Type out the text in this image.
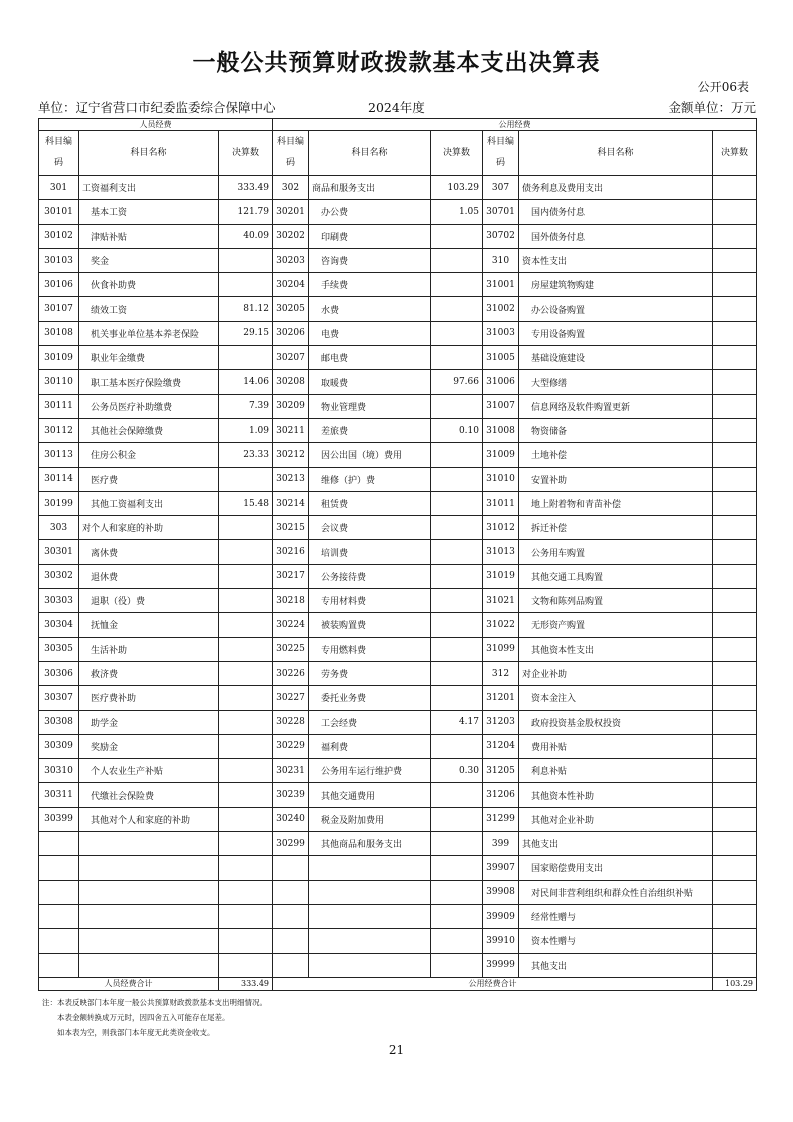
一般公共预算财政拨款基本支出决算表
公开06表
单位：辽宁省营口市纪委监委综合保障中心	2024年度	金额单位：万元
人员经费			公用经费					
科目编码	科目名称	决算数	科目编码	科目名称	决算数	科目编码	科目名称	决算数
301	工资福利支出	333.49	302	商品和服务支出	103.29	307	债务利息及费用支出	
30101	基本工资	121.79	30201	办公费	1.05	30701	国内债务付息	
30102	津贴补贴	40.09	30202	印刷费		30702	国外债务付息	
30103	奖金		30203	咨询费		310	资本性支出	
30106	伙食补助费		30204	手续费		31001	房屋建筑物购建	
30107	绩效工资	81.12	30205	水费		31002	办公设备购置	
30108	机关事业单位基本养老保险	29.15	30206	电费		31003	专用设备购置	
30109	职业年金缴费		30207	邮电费		31005	基础设施建设	
30110	职工基本医疗保险缴费	14.06	30208	取暖费	97.66	31006	大型修缮	
30111	公务员医疗补助缴费	7.39	30209	物业管理费		31007	信息网络及软件购置更新	
30112	其他社会保障缴费	1.09	30211	差旅费	0.10	31008	物资储备	
30113	住房公积金	23.33	30212	因公出国（境）费用		31009	土地补偿	
30114	医疗费		30213	维修（护）费		31010	安置补助	
30199	其他工资福利支出	15.48	30214	租赁费		31011	地上附着物和青苗补偿	
303	对个人和家庭的补助		30215	会议费		31012	拆迁补偿	
30301	离休费		30216	培训费		31013	公务用车购置	
30302	退休费		30217	公务接待费		31019	其他交通工具购置	
30303	退职（役）费		30218	专用材料费		31021	文物和陈列品购置	
30304	抚恤金		30224	被装购置费		31022	无形资产购置	
30305	生活补助		30225	专用燃料费		31099	其他资本性支出	
30306	救济费		30226	劳务费		312	对企业补助	
30307	医疗费补助		30227	委托业务费		31201	资本金注入	
30308	助学金		30228	工会经费	4.17	31203	政府投资基金股权投资	
30309	奖励金		30229	福利费		31204	费用补贴	
30310	个人农业生产补贴		30231	公务用车运行维护费	0.30	31205	利息补贴	
30311	代缴社会保险费		30239	其他交通费用		31206	其他资本性补助	
30399	其他对个人和家庭的补助		30240	税金及附加费用		31299	其他对企业补助	
			30299	其他商品和服务支出		399	其他支出	
						39907	国家赔偿费用支出	
						39908	对民间非营利组织和群众性自治组织补贴	
						39909	经常性赠与	
						39910	资本性赠与	
						39999	其他支出	
人员经费合计		333.49	公用经费合计					103.29
注：本表反映部门本年度一般公共预算财政拨款基本支出明细情况。
本表金额转换成万元时，因四舍五入可能存在尾差。
如本表为空，则我部门本年度无此类资金收支。
21
